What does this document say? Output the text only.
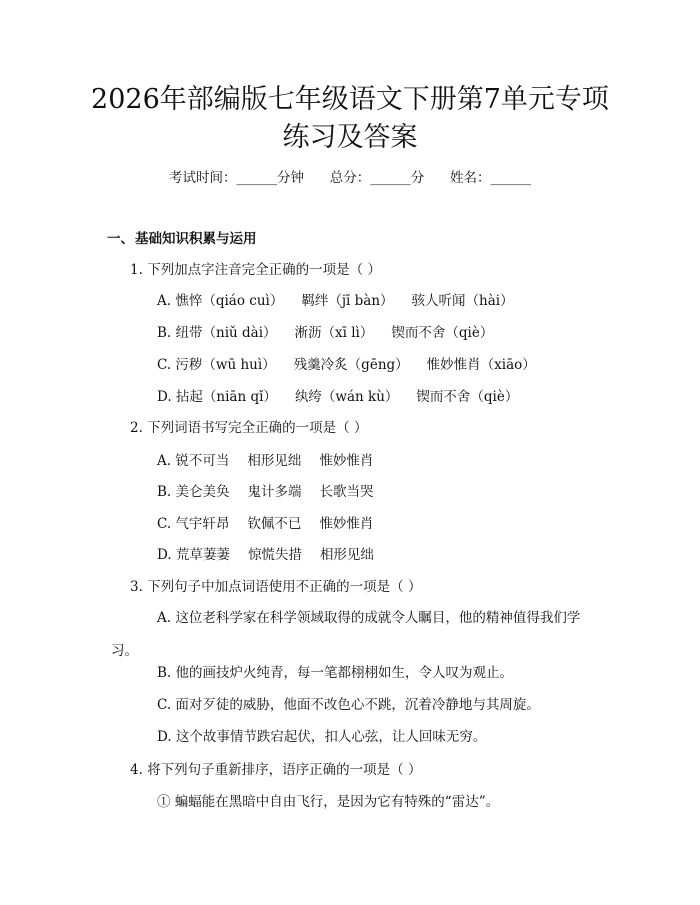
2026年部编版七年级语文下册第7单元专项
练习及答案
考试时间：______分钟 总分：______分 姓名：______
一、基础知识积累与运用
1. 下列加点字注音完全正确的一项是（ ）
A. 憔悴（qiáo cuì） 羁绊（jī bàn） 骇人听闻（hài）
B. 纽带（niǔ dài） 淅沥（xī lì） 锲而不舍（qiè）
C. 污秽（wū huì） 残羹冷炙（gēng） 惟妙惟肖（xiāo）
D. 拈起（niān qǐ） 纨绔（wán kù） 锲而不舍（qiè）
2. 下列词语书写完全正确的一项是（ ）
A. 锐不可当 相形见绌 惟妙惟肖
B. 美仑美奂 鬼计多端 长歌当哭
C. 气宇轩昂 钦佩不已 惟妙惟肖
D. 荒草萋萋 惊慌失措 相形见绌
3. 下列句子中加点词语使用不正确的一项是（ ）
A. 这位老科学家在科学领域取得的成就令人瞩目，他的精神值得我们学习。
B. 他的画技炉火纯青，每一笔都栩栩如生，令人叹为观止。
C. 面对歹徒的威胁，他面不改色心不跳，沉着冷静地与其周旋。
D. 这个故事情节跌宕起伏，扣人心弦，让人回味无穷。
4. 将下列句子重新排序，语序正确的一项是（ ）
① 蝙蝠能在黑暗中自由飞行，是因为它有特殊的“雷达”。
